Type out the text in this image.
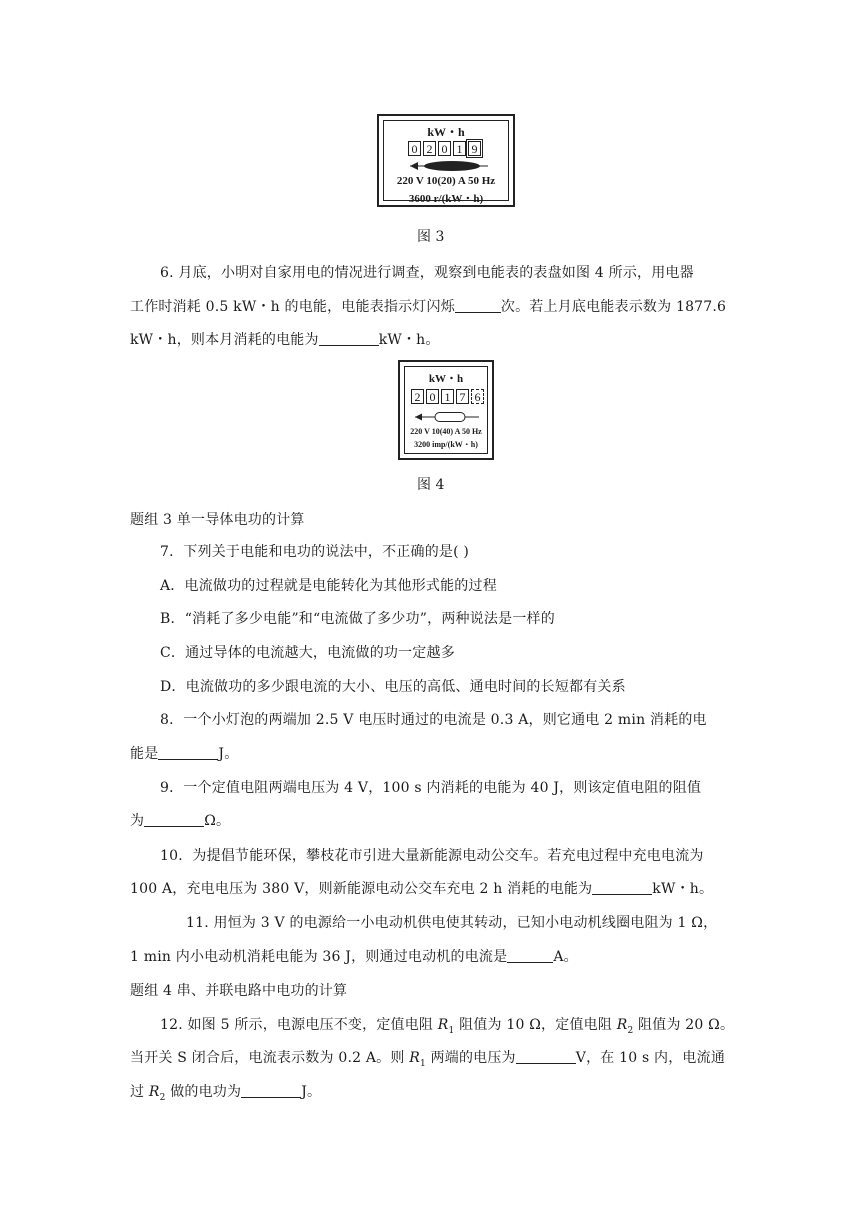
kW・h
0 2 0 1 9
220 V 10(20) A 50 Hz
3600 r/(kW・h)
图 3
6. 月底，小明对自家用电的情况进行调查，观察到电能表的表盘如图 4 所示，用电器
工作时消耗 0.5 kW・h 的电能，电能表指示灯闪烁	次。若上月底电能表示数为 1877.6
kW・h，则本月消耗的电能为	kW・h。
kW・h
2 0 1 7 6
220 V 10(40) A 50 Hz
3200 imp/(kW・h)
图 4
题组 3 单一导体电功的计算
7．下列关于电能和电功的说法中，不正确的是( )
A．电流做功的过程就是电能转化为其他形式能的过程
B．“消耗了多少电能”和“电流做了多少功”，两种说法是一样的
C．通过导体的电流越大，电流做的功一定越多
D．电流做功的多少跟电流的大小、电压的高低、通电时间的长短都有关系
8．一个小灯泡的两端加 2.5 V 电压时通过的电流是 0.3 A，则它通电 2 min 消耗的电
能是	J。
9．一个定值电阻两端电压为 4 V，100 s 内消耗的电能为 40 J，则该定值电阻的阻值
为	Ω。
10．为提倡节能环保，攀枝花市引进大量新能源电动公交车。若充电过程中充电电流为
100 A，充电电压为 380 V，则新能源电动公交车充电 2 h 消耗的电能为	kW・h。
11. 用恒为 3 V 的电源给一小电动机供电使其转动，已知小电动机线圈电阻为 1 Ω，
1 min 内小电动机消耗电能为 36 J，则通过电动机的电流是	A。
题组 4 串、并联电路中电功的计算
12. 如图 5 所示，电源电压不变，定值电阻 $R_1$ 阻值为 10 Ω，定值电阻 $R_2$ 阻值为 20 Ω。
当开关 S 闭合后，电流表示数为 0.2 A。则 $R_1$ 两端的电压为	V，在 10 s 内，电流通
过 $R_2$ 做的电功为	J。
